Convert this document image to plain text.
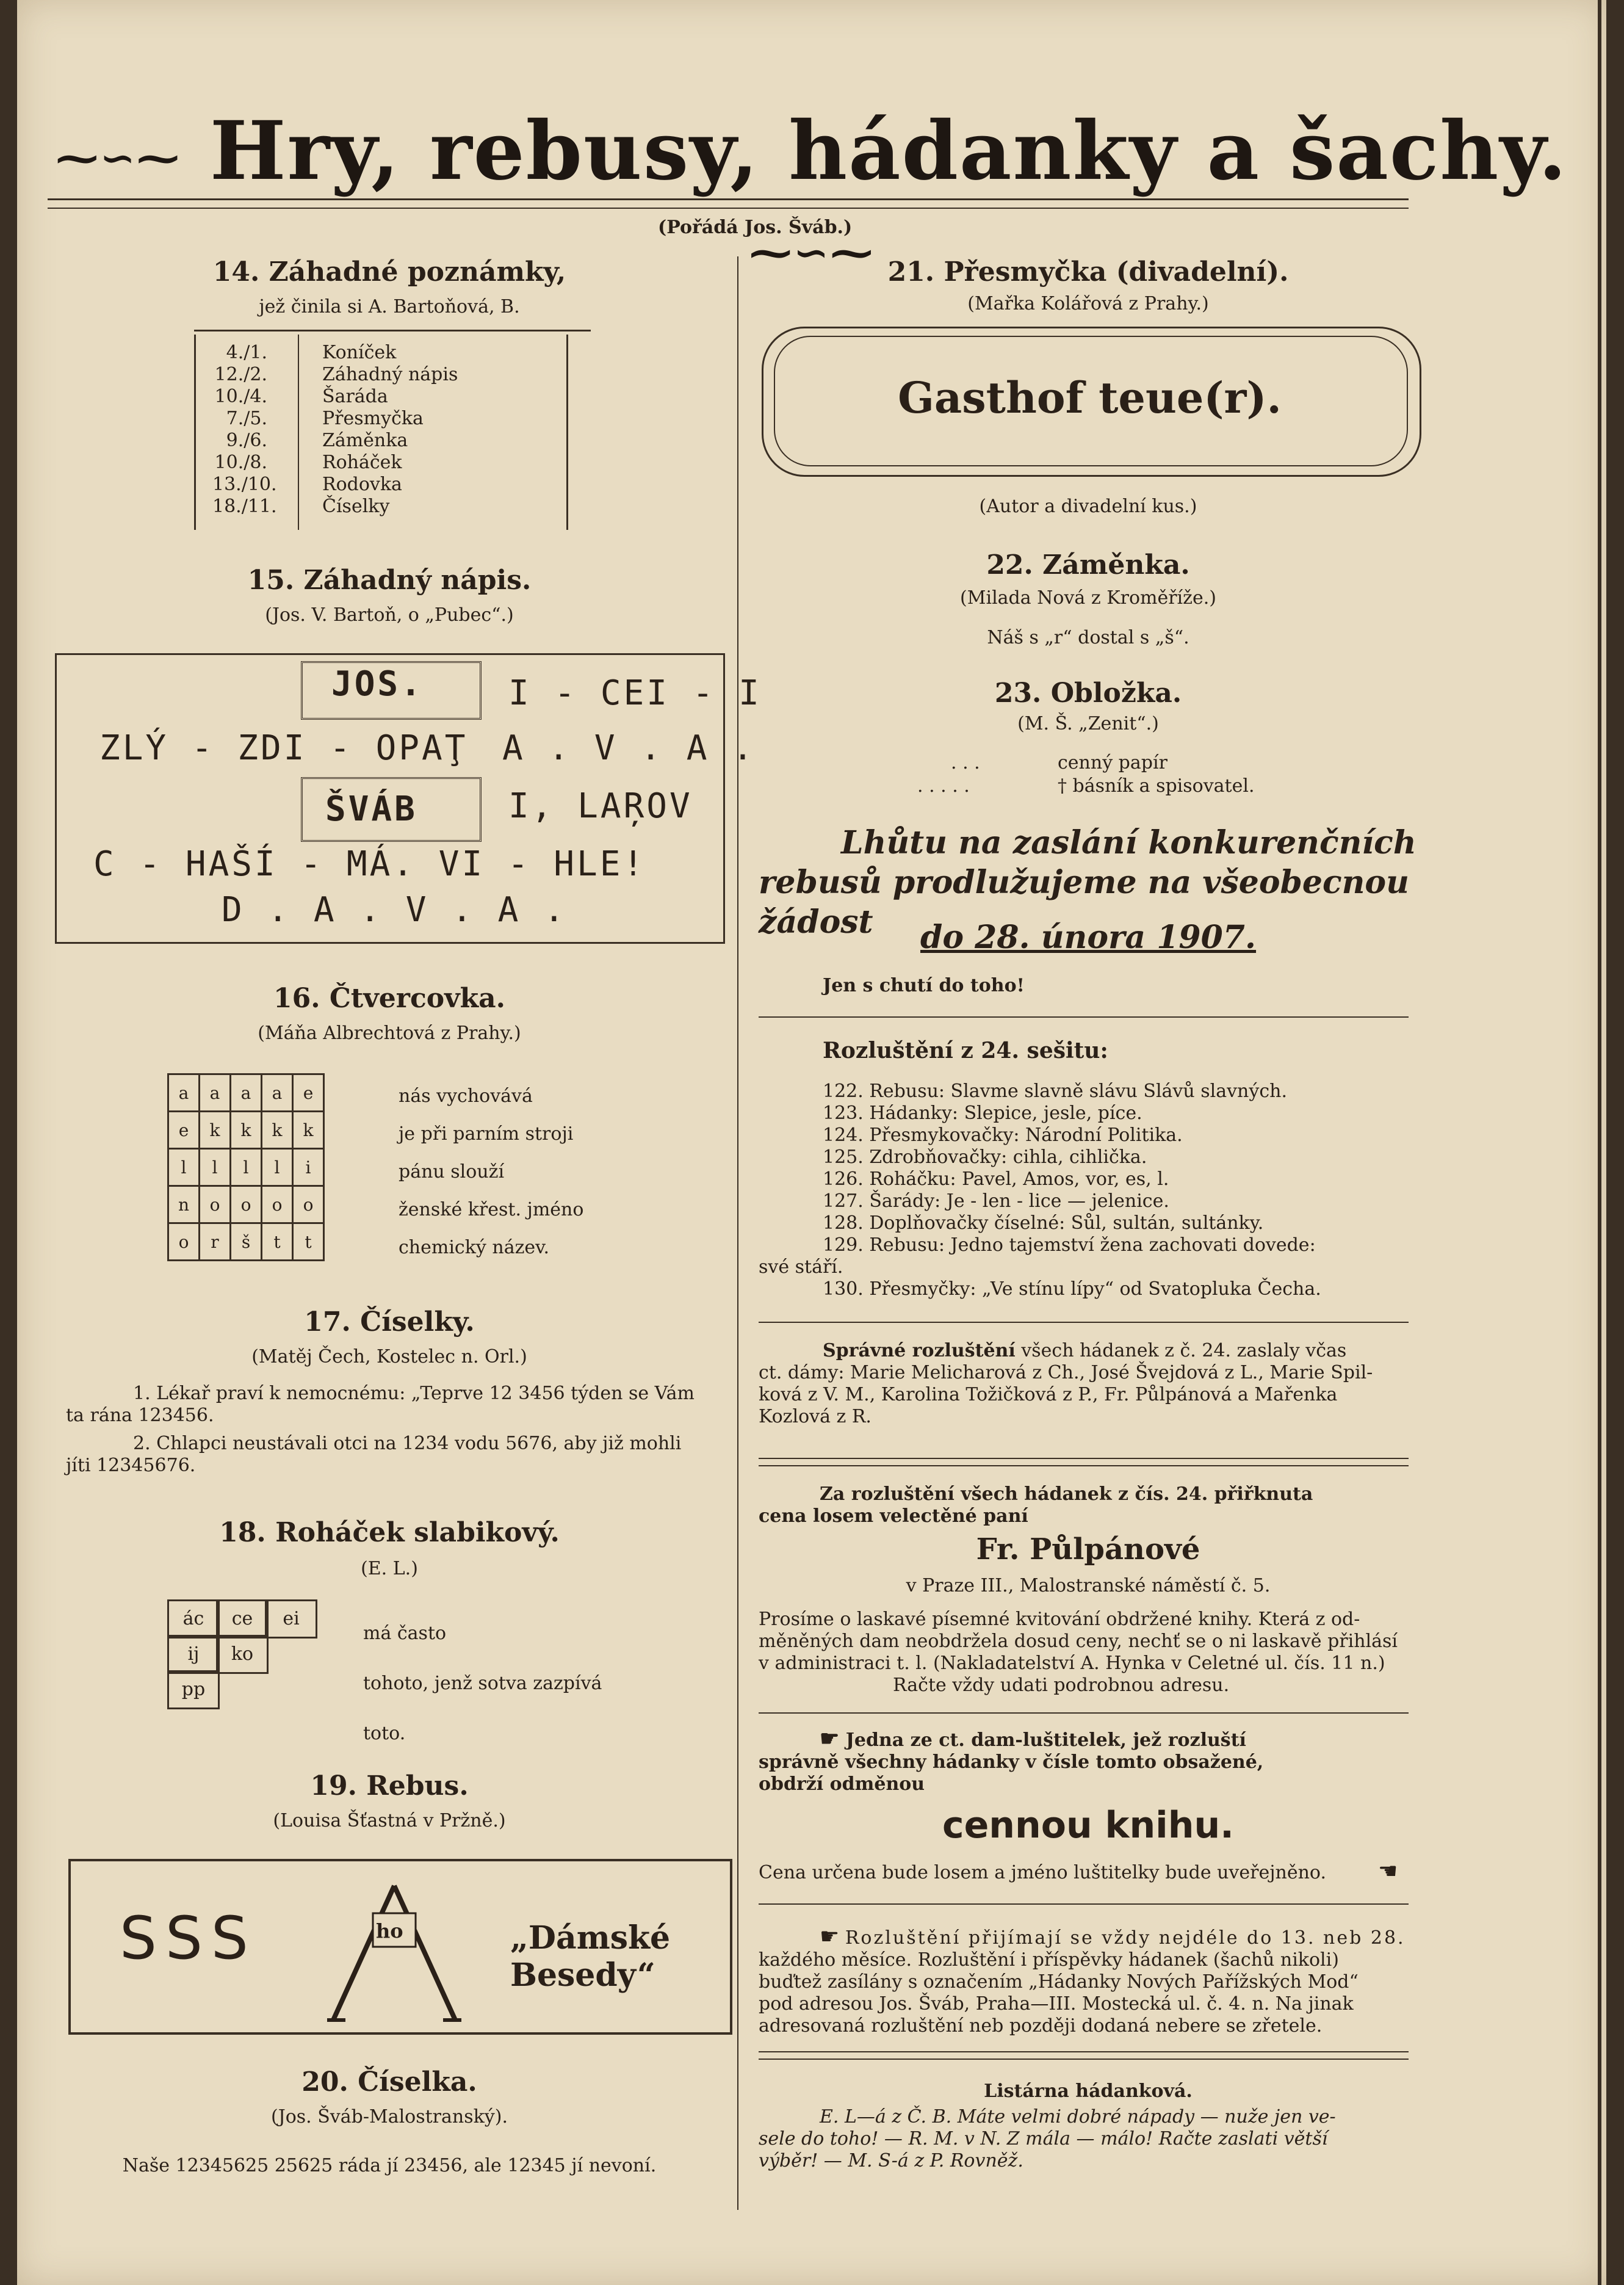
⁓∽⁓ Hry, rebusy, hádanky a šachy. ⁓∽⁓
(Pořádá Jos. Šváb.)
14. Záhadné poznámky,
jež činila si A. Bartoňová, B.
4./1.	Koníček
12./2.	Záhadný nápis
10./4.	Šaráda
7./5.	Přesmyčka
9./6.	Záměnka
10./8.	Roháček
13./10.	Rodovka
18./11.	Číselky
15. Záhadný nápis.
(Jos. V. Bartoň, o „Pubec“.)
JOS. I - CEI - I
ZLÝ - ZDI - OPAŢ A . V . A .
ŠVÁB	I, LAŖOV
C - HAŠÍ - MÁ. VI - HLE!
D . A . V . A .
16. Čtvercovka.
(Máňa Albrechtová z Prahy.)
a	a	a	a	e
e	k	k	k	k
l	l	l	l	i
n	o	o	o	o
o	r	š	t	t
nás vychovává
je při parním stroji
pánu slouží
ženské křest. jméno
chemický název.
17. Číselky.
(Matěj Čech, Kostelec n. Orl.)
1. Lékař praví k nemocnému: „Teprve 12 3456 týden se Vám
ta rána 123456.
2. Chlapci neustávali otci na 1234 vodu 5676, aby již mohli
jíti 12345676.
18. Roháček slabikový.
(E. L.)
ác	ce	ei
ij	ko
pp
má často
tohoto, jenž sotva zazpívá
toto.
19. Rebus.
(Louisa Šťastná v Pržně.)
SSS	ho	„Dámské Besedy“
20. Číselka.
(Jos. Šváb-Malostranský).
Naše 12345625 25625 ráda jí 23456, ale 12345 jí nevoní.
21. Přesmyčka (divadelní).
(Mařka Kolářová z Prahy.)
Gasthof teue(r).
(Autor a divadelní kus.)
22. Záměnka.
(Milada Nová z Kroměříže.)
Náš s „r“ dostal s „š“.
23. Obložka.
(M. Š. „Zenit“.)
. . .	cenný papír
. . . . .	† básník a spisovatel.
Lhůtu na zaslání konkurenčních
rebusů prodlužujeme na všeobecnou
žádost do 28. února 1907.
Jen s chutí do toho!
Rozluštění z 24. sešitu:
122. Rebusu: Slavme slavně slávu Slávů slavných.
123. Hádanky: Slepice, jesle, píce.
124. Přesmykovačky: Národní Politika.
125. Zdrobňovačky: cihla, cihlička.
126. Roháčku: Pavel, Amos, vor, es, l.
127. Šarády: Je - len - lice — jelenice.
128. Doplňovačky číselné: Sůl, sultán, sultánky.
129. Rebusu: Jedno tajemství žena zachovati dovede:
své stáří.
130. Přesmyčky: „Ve stínu lípy“ od Svatopluka Čecha.
Správné rozluštění všech hádanek z č. 24. zaslaly včas
ct. dámy: Marie Melicharová z Ch., José Švejdová z L., Marie Spil-
ková z V. M., Karolina Tožičková z P., Fr. Půlpánová a Mařenka
Kozlová z R.
Za rozluštění všech hádanek z čís. 24. přiřknuta
cena losem velectěné paní
Fr. Půlpánové
v Praze III., Malostranské náměstí č. 5.
Prosíme o laskavé písemné kvitování obdržené knihy. Která z od-
měněných dam neobdržela dosud ceny, nechť se o ni laskavě přihlásí
v administraci t. l. (Nakladatelství A. Hynka v Celetné ul. čís. 11 n.)
Račte vždy udati podrobnou adresu.
☛ Jedna ze ct. dam-luštitelek, jež rozluští
správně všechny hádanky v čísle tomto obsažené,
obdrží odměnou
cennou knihu.
Cena určena bude losem a jméno luštitelky bude uveřejněno. ☚
☛ Rozluštění přijímají se vždy nejdéle do 13. neb 28.
každého měsíce. Rozluštění i příspěvky hádanek (šachů nikoli)
buďtež zasílány s označením „Hádanky Nových Pařížských Mod“
pod adresou Jos. Šváb, Praha—III. Mostecká ul. č. 4. n. Na jinak
adresovaná rozluštění neb později dodaná nebere se zřetele.
Listárna hádanková.
E. L—á z Č. B. Máte velmi dobré nápady — nuže jen ve-
sele do toho! — R. M. v N. Z mála — málo! Račte zaslati větší
výběr! — M. S-á z P. Rovněž.
